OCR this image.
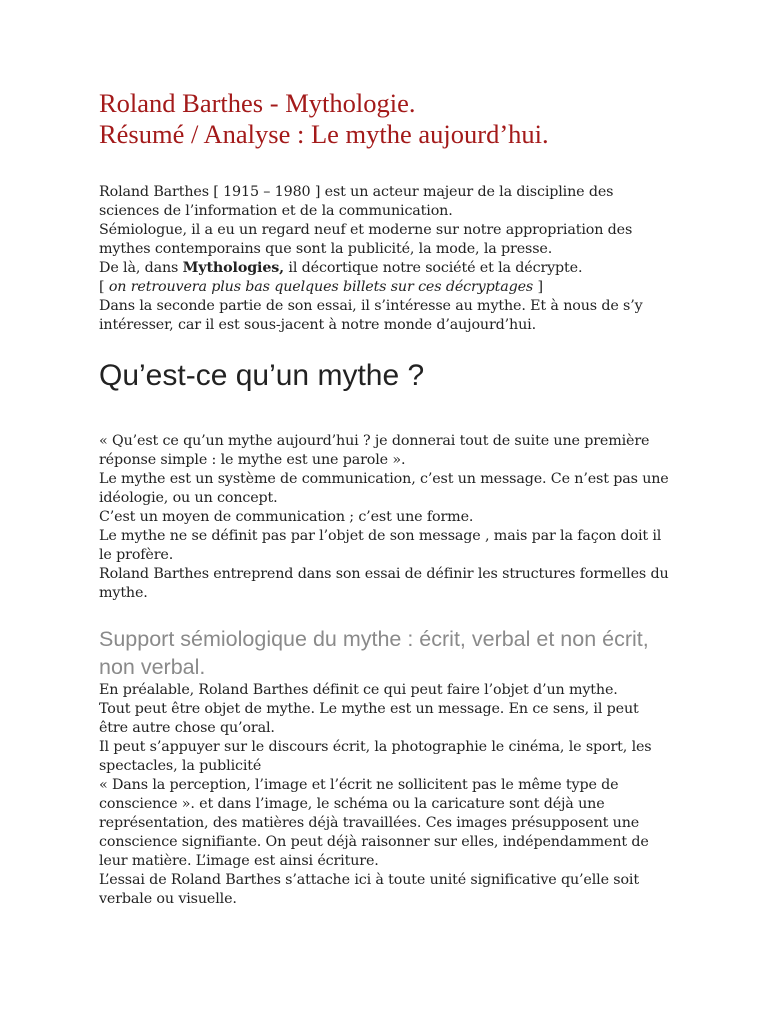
Roland Barthes - Mythologie.
Résumé / Analyse : Le mythe aujourd’hui.

Roland Barthes [ 1915 – 1980 ] est un acteur majeur de la discipline des sciences de l’information et de la communication.

Sémiologue, il a eu un regard neuf et moderne sur notre appropriation des mythes contemporains que sont la publicité, la mode, la presse.

De là, dans Mythologies, il décortique notre société et la décrypte.

[ on retrouvera plus bas quelques billets sur ces décryptages ]

Dans la seconde partie de son essai, il s’intéresse au mythe. Et à nous de s’y intéresser, car il est sous-jacent à notre monde d’aujourd’hui.

Qu’est-ce qu’un mythe ?

« Qu’est ce qu’un mythe aujourd’hui ? je donnerai tout de suite une première réponse simple : le mythe est une parole ».

Le mythe est un système de communication, c’est un message. Ce n’est pas une idéologie, ou un concept.

C’est un moyen de communication ; c’est une forme.

Le mythe ne se définit pas par l’objet de son message , mais par la façon doit il le profère.

Roland Barthes entreprend dans son essai de définir les structures formelles du mythe.

Support sémiologique du mythe : écrit, verbal et non écrit, non verbal.

En préalable, Roland Barthes définit ce qui peut faire l’objet d’un mythe.

Tout peut être objet de mythe. Le mythe est un message. En ce sens, il peut être autre chose qu’oral.

Il peut s’appuyer sur le discours écrit, la photographie le cinéma, le sport, les spectacles, la publicité

« Dans la perception, l’image et l’écrit ne sollicitent pas le même type de conscience ». et dans l’image, le schéma ou la caricature sont déjà une représentation, des matières déjà travaillées. Ces images présupposent une conscience signifiante. On peut déjà raisonner sur elles, indépendamment de leur matière. L’image est ainsi écriture.

L’essai de Roland Barthes s’attache ici à toute unité significative qu’elle soit verbale ou visuelle.
